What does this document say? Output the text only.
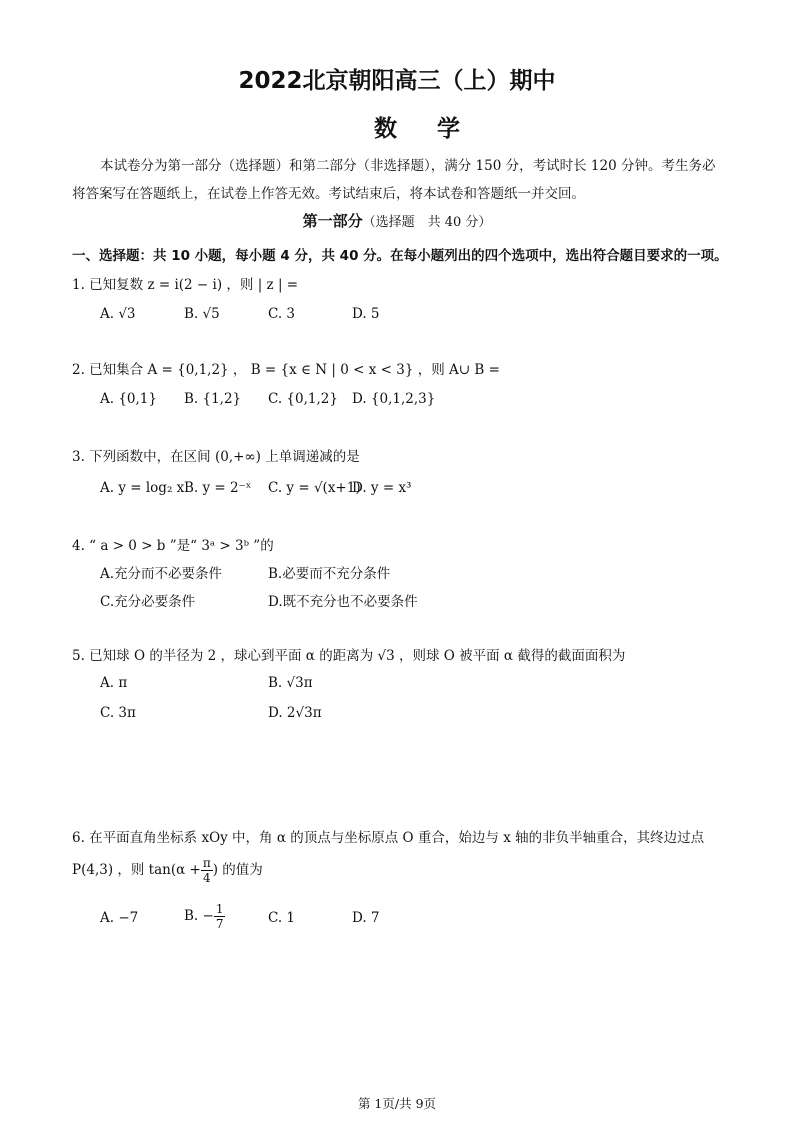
2022北京朝阳高三（上）期中
数学
本试卷分为第一部分（选择题）和第二部分（非选择题），满分 150 分，考试时长 120 分钟。考生务必
将答案写在答题纸上，在试卷上作答无效。考试结束后，将本试卷和答题纸一并交回。
第一部分（选择题　共 40 分）
一、选择题：共 10 小题，每小题 4 分，共 40 分。在每小题列出的四个选项中，选出符合题目要求的一项。
1. 已知复数 z = i(2 − i) ，则 | z | =
A. √3	B. √5	C. 3	D. 5
2. 已知集合 A = {0,1,2} ， B = {x ∈ N | 0 < x < 3} ，则 A∪ B =
A. {0,1} B. {1,2} C. {0,1,2} D. {0,1,2,3}
3. 下列函数中，在区间 (0,+∞) 上单调递减的是
A. y = log₂ x B. y = 2⁻ˣ C. y = √(x+1)
D. y = x³
4. “ a > 0 > b ”是“ 3ᵃ > 3ᵇ ”的
A.充分而不必要条件	B.必要而不充分条件
C.充分必要条件	D.既不充分也不必要条件
5. 已知球 O 的半径为 2 ，球心到平面 α 的距离为 √3 ，则球 O 被平面 α 截得的截面面积为
A. π	B. √3π
C. 3π	D. 2√3π
6. 在平面直角坐标系 xOy 中，角 α 的顶点与坐标原点 O 重合，始边与 x 轴的非负半轴重合，其终边过点
P(4,3) ，则 $\tan(\alpha + \frac{\pi}{4}$ ) 的值为
A. −7	B. − $\frac{1}{7}$	C. 1	D. 7
第 1页/共 9页
